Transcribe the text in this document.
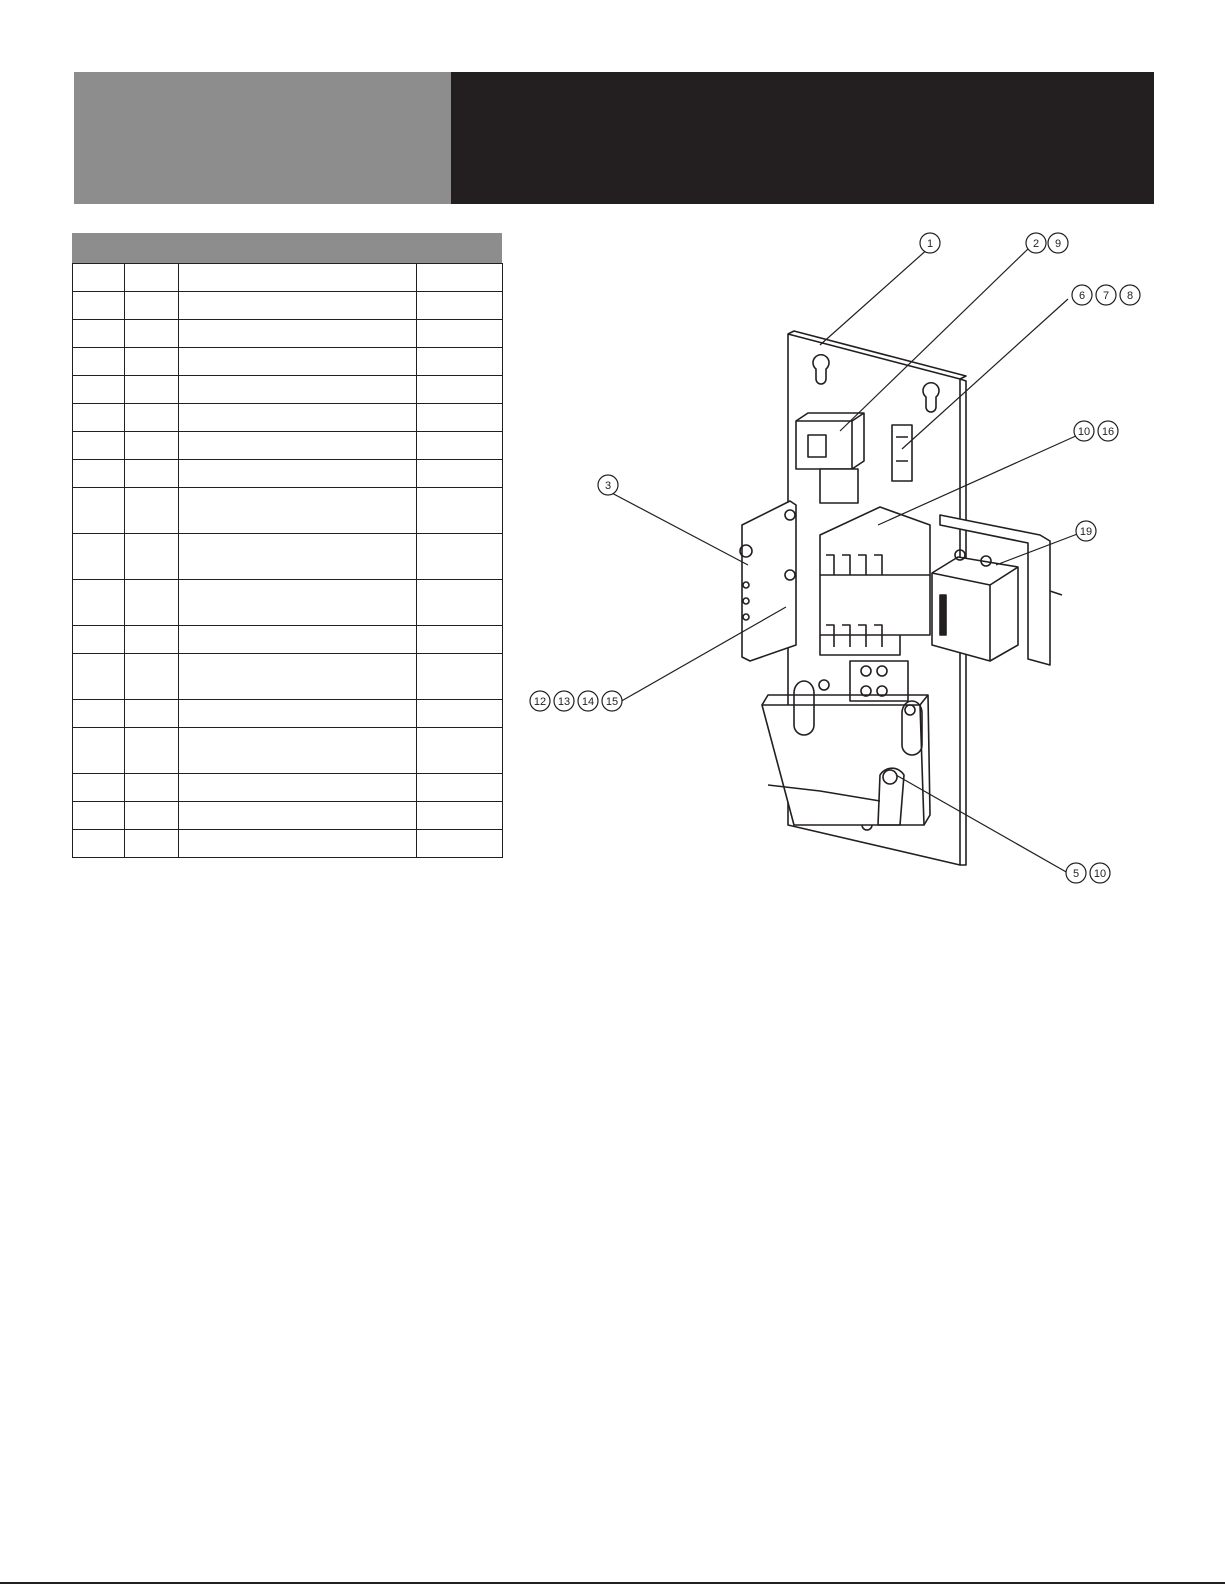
1	2 9
6 7 8
10 16
3
19
12 13 14 15
5 10
